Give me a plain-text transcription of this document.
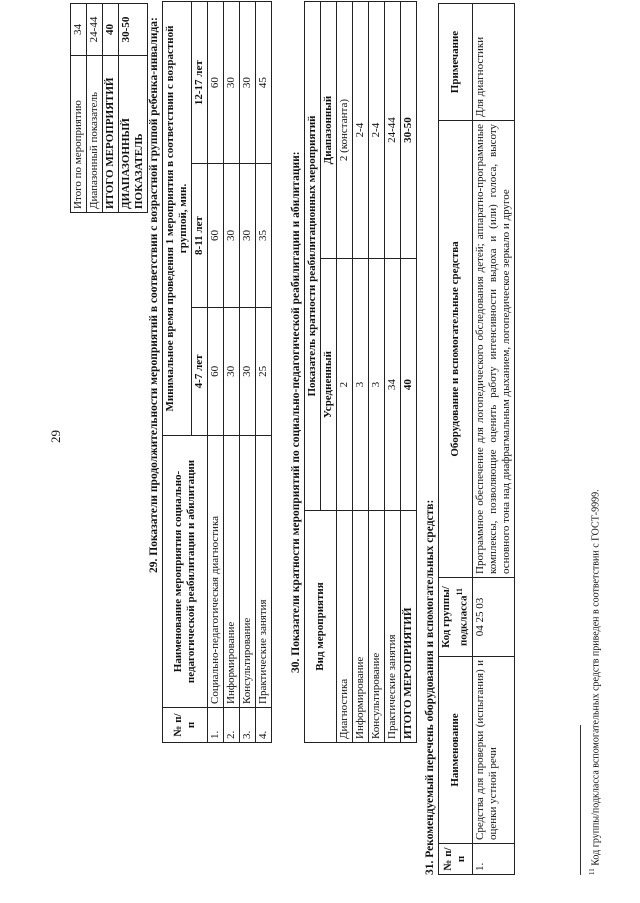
29
Итого по мероприятию	34
Диапазонный показатель	24-44
ИТОГО МЕРОПРИЯТИЙ	40
ДИАПАЗОННЫЙ ПОКАЗАТЕЛЬ	30-50 29. Показатели продолжительности мероприятий в соответствии с возрастной группой ребенка-инвалида:
№ п/п	Наименование мероприятия социально-педагогической реабилитации и абилитации	Минимальное время проведения 1 мероприятия в соответствии с возрастной группой, мин.		
		4-7 лет	8-11 лет	12-17 лет
1.	Социально-педагогическая диагностика	60	60	60
2.	Информирование	30	30	30
3.	Консультирование	30	30	30
4.	Практические занятия	25	35	45
30. Показатели кратности мероприятий по социально-педагогической реабилитации и абилитации: Вид мероприятия	Показатель кратности реабилитационных мероприятий	
	Усредненный	Диапазонный
Диагностика	2	2 (константа)
Информирование	3	2-4
Консультирование	3	2-4
Практические занятия	34	24-44
ИТОГО МЕРОПРИЯТИЙ	40	30-50
31. Рекомендуемый перечень оборудования и вспомогательных средств: № п/п	Наименование	Код группы/ подкласса$^{11}$	Оборудование и вспомогательные средства	Примечание
1.	Средства для проверки (испытания) и оценки устной речи	04 25 03	Программное обеспечение для логопедического обследования детей; аппаратно-программные комплексы, позволяющие оценить работу интенсивности выдоха и (или) голоса, высоту основного тона над диафрагмальным дыханием, логопедическое зеркало и другое	Для диагностики
$^{11}$ Код группы/подкласса вспомогательных средств приведен в соответствии с ГОСТ-9999.
